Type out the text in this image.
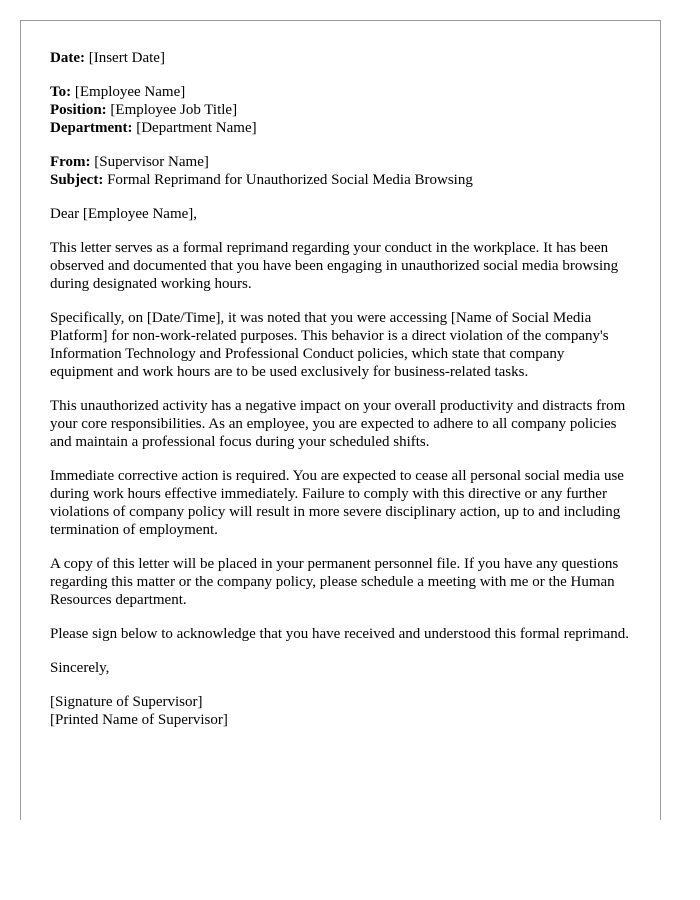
Date: [Insert Date]

To: [Employee Name]

Position: [Employee Job Title]

Department: [Department Name]

From: [Supervisor Name]

Subject: Formal Reprimand for Unauthorized Social Media Browsing

Dear [Employee Name],

This letter serves as a formal reprimand regarding your conduct in the workplace. It has been observed and documented that you have been engaging in unauthorized social media browsing during designated working hours.

Specifically, on [Date/Time], it was noted that you were accessing [Name of Social Media Platform] for non-work-related purposes. This behavior is a direct violation of the company's Information Technology and Professional Conduct policies, which state that company equipment and work hours are to be used exclusively for business-related tasks.

This unauthorized activity has a negative impact on your overall productivity and distracts from your core responsibilities. As an employee, you are expected to adhere to all company policies and maintain a professional focus during your scheduled shifts.

Immediate corrective action is required. You are expected to cease all personal social media use during work hours effective immediately. Failure to comply with this directive or any further violations of company policy will result in more severe disciplinary action, up to and including termination of employment.

A copy of this letter will be placed in your permanent personnel file. If you have any questions regarding this matter or the company policy, please schedule a meeting with me or the Human Resources department.

Please sign below to acknowledge that you have received and understood this formal reprimand.

Sincerely,

[Signature of Supervisor]

[Printed Name of Supervisor]
